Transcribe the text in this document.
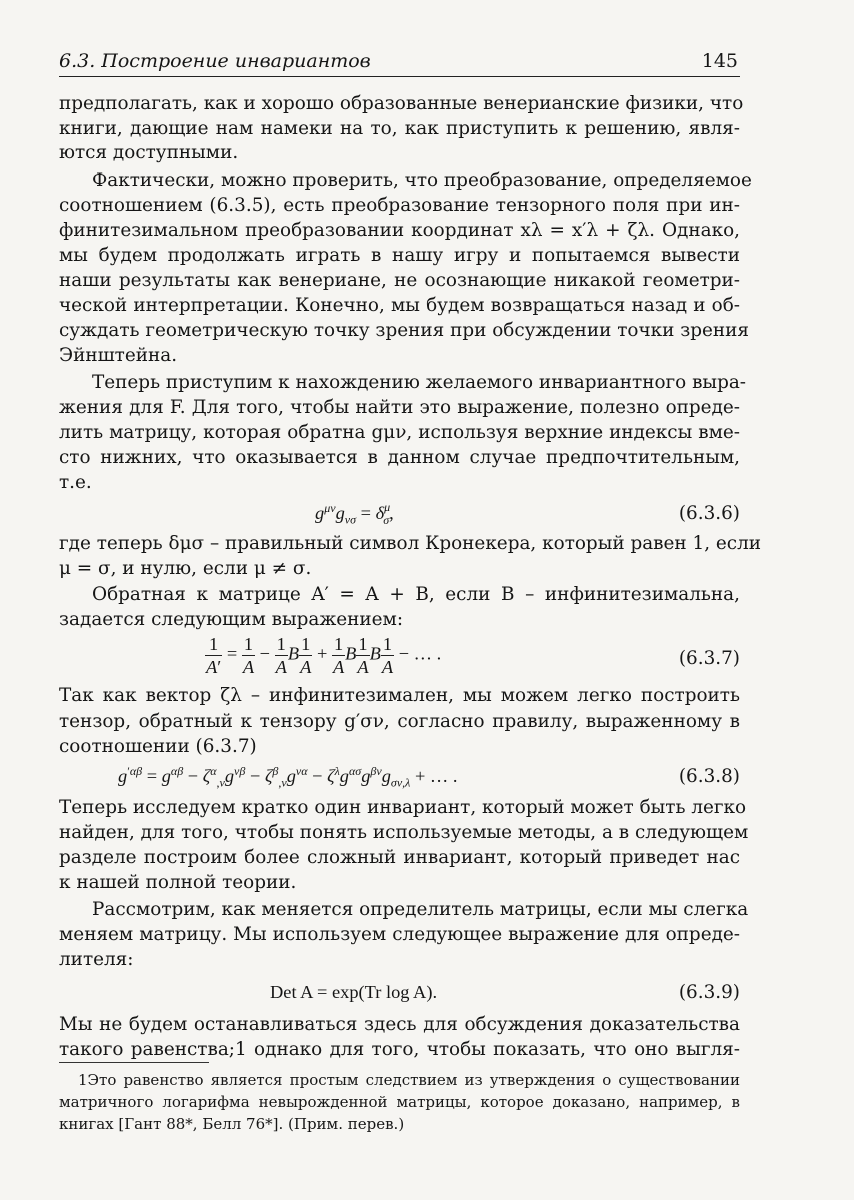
6.3. Построение инвариантов	145
предполагать, как и хорошо образованные венерианские физики, что
книги, дающие нам намеки на то, как приступить к решению, явля-
ются доступными.
Фактически, можно проверить, что преобразование, определяемое
соотношением (6.3.5), есть преобразование тензорного поля при ин-
финитезимальном преобразовании координат xλ = x′λ + ζλ. Однако,
мы будем продолжать играть в нашу игру и попытаемся вывести
наши результаты как венериане, не осознающие никакой геометри-
ческой интерпретации. Конечно, мы будем возвращаться назад и об-
суждать геометрическую точку зрения при обсуждении точки зрения
Эйнштейна.
Теперь приступим к нахождению желаемого инвариантного выра-
жения для F. Для того, чтобы найти это выражение, полезно опреде-
лить матрицу, которая обратна gμν, используя верхние индексы вме-
сто нижних, что оказывается в данном случае предпочтительным,
т.е.
$g^{\mu\nu}g_{\nu\sigma} = \delta^\mu_\sigma$,	(6.3.6)
где теперь δμσ – правильный символ Кронекера, который равен 1, если
μ = σ, и нулю, если μ ≠ σ.
Обратная к матрице A′ = A + B, если B – инфинитезимальна,
задается следующим выражением:
$\frac{1}{A'} = \frac{1}{A} - \frac{1}{A}$ B $\frac{1}{A} + \frac{1}{A}$ B $\frac{1}{A}$ B $\frac{1}{A}$ − … .	(6.3.7)
Так как вектор ζλ – инфинитезимален, мы можем легко построить
тензор, обратный к тензору g′σν, согласно правилу, выраженному в
соотношении (6.3.7)
$g^{'\alpha\beta} = g^{\alpha\beta} - \zeta^\alpha_{,\nu}g^{\nu\beta} - \zeta^\beta_{,\nu}g^{\nu\alpha} - \zeta^\lambda g^{\alpha\sigma}g^{\beta\nu}g_{\sigma\nu,\lambda}$ + … .	(6.3.8)
Теперь исследуем кратко один инвариант, который может быть легко
найден, для того, чтобы понять используемые методы, а в следующем
разделе построим более сложный инвариант, который приведет нас
к нашей полной теории.
Рассмотрим, как меняется определитель матрицы, если мы слегка
меняем матрицу. Мы используем следующее выражение для опреде-
лителя:
Det A = exp(Tr log A).	(6.3.9)
Мы не будем останавливаться здесь для обсуждения доказательства
такого равенства;1 однако для того, чтобы показать, что оно выгля-
1Это равенство является простым следствием из утверждения о существовании
матричного логарифма невырожденной матрицы, которое доказано, например, в
книгах [Гант 88*, Белл 76*]. (Прим. перев.)
